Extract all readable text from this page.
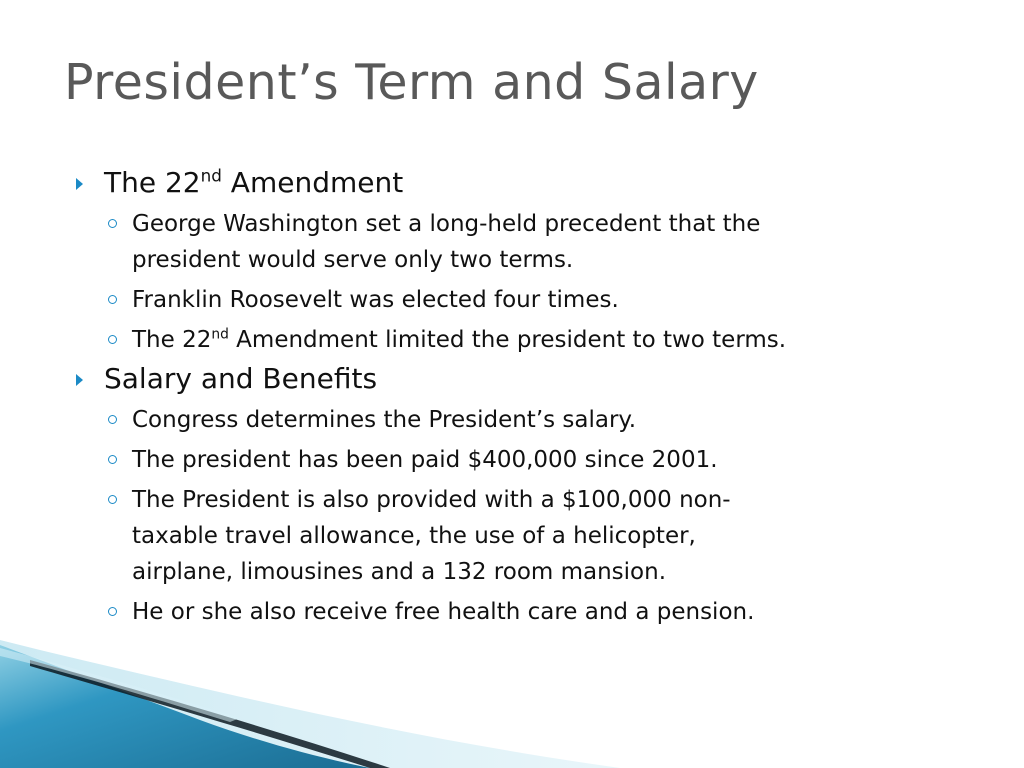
President’s Term and Salary
The 22nd Amendment
George Washington set a long-held precedent that the
president would serve only two terms.
Franklin Roosevelt was elected four times.
The 22nd Amendment limited the president to two terms.
Salary and Benefits
Congress determines the President’s salary.
The president has been paid $400,000 since 2001.
The President is also provided with a $100,000 non-
taxable travel allowance, the use of a helicopter,
airplane, limousines and a 132 room mansion.
He or she also receive free health care and a pension.
